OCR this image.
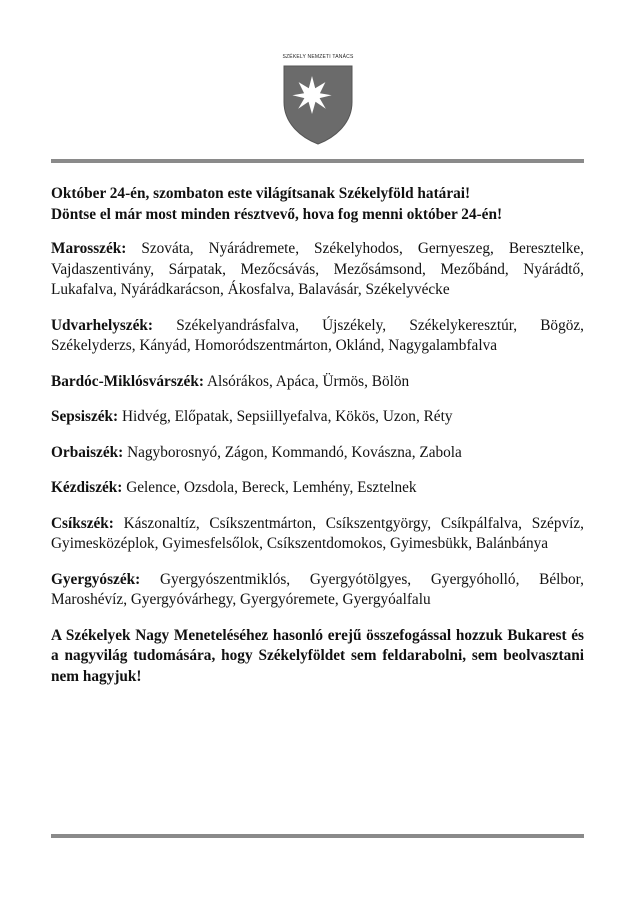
SZÉKELY NEMZETI TANÁCS
Október 24-én, szombaton este világítsanak Székelyföld határai!
Döntse el már most minden résztvevő, hova fog menni október 24-én!

Marosszék: Szováta, Nyárádremete, Székelyhodos, Gernyeszeg, Beresztelke, Vajdaszentivány, Sárpatak, Mezőcsávás, Mezősámsond, Mezőbánd, Nyárádtő, Lukafalva, Nyárádkarácson, Ákosfalva, Balavásár, Székelyvécke

Udvarhelyszék: Székelyandrásfalva, Újszékely, Székelykeresztúr, Bögöz, Székelyderzs, Kányád, Homoródszentmárton, Oklánd, Nagygalambfalva

Bardóc-Miklósvárszék: Alsórákos, Apáca, Ürmös, Bölön

Sepsiszék: Hidvég, Előpatak, Sepsiillyefalva, Kökös, Uzon, Réty

Orbaiszék: Nagyborosnyó, Zágon, Kommandó, Kovászna, Zabola

Kézdiszék: Gelence, Ozsdola, Bereck, Lemhény, Esztelnek

Csíkszék: Kászonaltíz, Csíkszentmárton, Csíkszentgyörgy, Csíkpálfalva, Szépvíz, Gyimesközéplok, Gyimesfelsőlok, Csíkszentdomokos, Gyimesbükk, Balánbánya

Gyergyószék: Gyergyószentmiklós, Gyergyótölgyes, Gyergyóholló, Bélbor, Maroshévíz, Gyergyóvárhegy, Gyergyóremete, Gyergyóalfalu

A Székelyek Nagy Meneteléséhez hasonló erejű összefogással hozzuk Bukarest és a nagyvilág tudomására, hogy Székelyföldet sem feldarabolni, sem beolvasztani nem hagyjuk!
